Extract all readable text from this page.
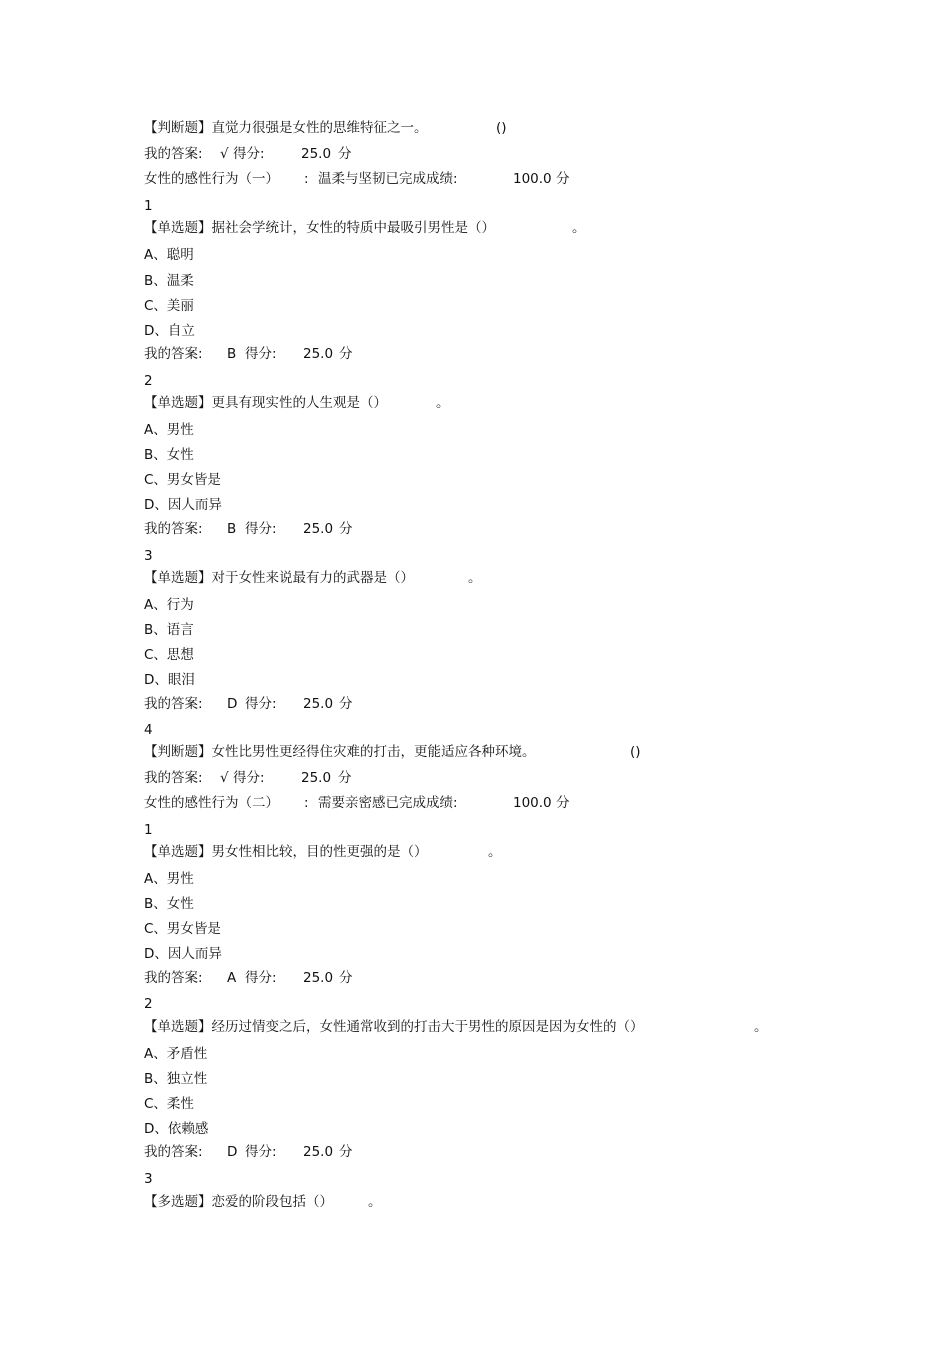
【判断题】直觉力很强是女性的思维特征之一。

	()

我的答案:

√

得分:

	25.0

分

女性的感性行为（一）

:

温柔与坚韧已完成成绩:

	100.0

分

1

【单选题】据社会学统计，女性的特质中最吸引男性是（）

	。

A、聪明
B、温柔
C、美丽
D、自立

我的答案:

B

得分:

25.0

分

2

【单选题】更具有现实性的人生观是（）

	。

A、男性
B、女性
C、男女皆是
D、因人而异

我的答案:

B

得分:

25.0

分

3

【单选题】对于女性来说最有力的武器是（）

	。

A、行为
B、语言
C、思想
D、眼泪

我的答案:

D

得分:

25.0

分

4

【判断题】女性比男性更经得住灾难的打击，更能适应各种环境。

	()

我的答案:

√

得分:

	25.0

分

女性的感性行为（二）

:

需要亲密感已完成成绩:

	100.0

分

1

【单选题】男女性相比较，目的性更强的是（）

	。

A、男性
B、女性
C、男女皆是
D、因人而异

我的答案:

A

得分:

25.0

分

2

【单选题】经历过情变之后，女性通常收到的打击大于男性的原因是因为女性的（）

	。

A、矛盾性
B、独立性
C、柔性
D、依赖感

我的答案:

D

得分:

25.0

分

3

【多选题】恋爱的阶段包括（）

	。
